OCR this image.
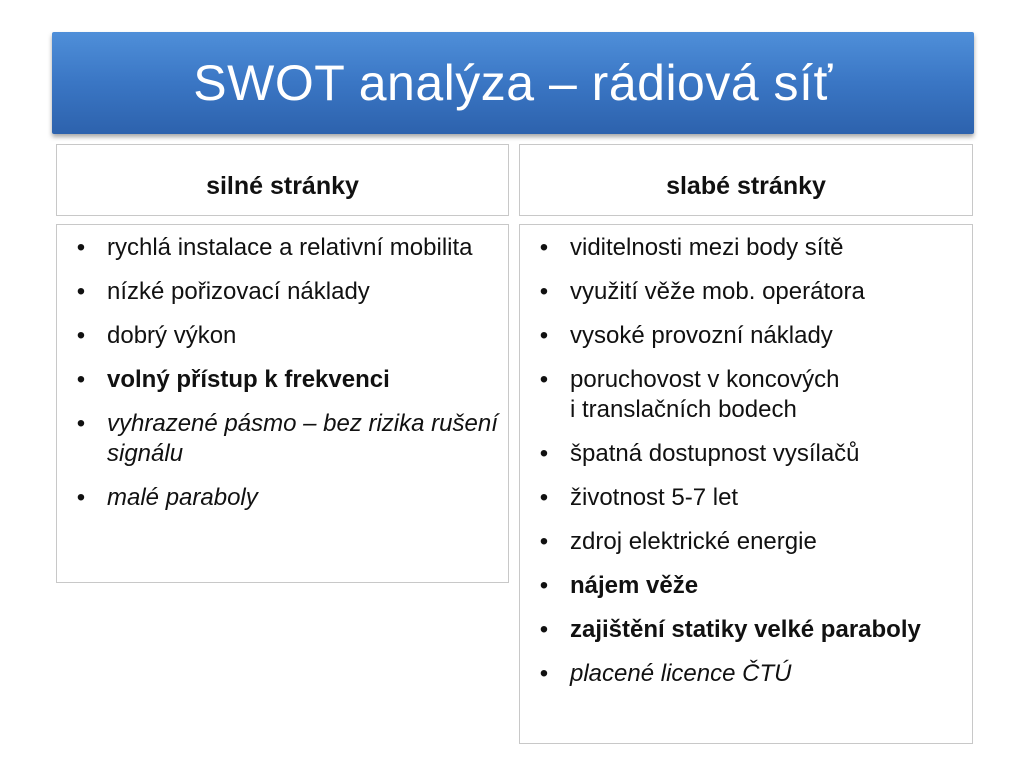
SWOT analýza – rádiová síť
silné stránky	slabé stránky
• rychlá instalace a relativní mobilita
• nízké pořizovací náklady
• dobrý výkon
• volný přístup k frekvenci
• vyhrazené pásmo – bez rizika rušení signálu
• malé paraboly
• viditelnosti mezi body sítě
• využití věže mob. operátora
• vysoké provozní náklady
• poruchovost v koncových
i translačních bodech
• špatná dostupnost vysílačů
• životnost 5-7 let
• zdroj elektrické energie
• nájem věže
• zajištění statiky velké paraboly
• placené licence ČTÚ
